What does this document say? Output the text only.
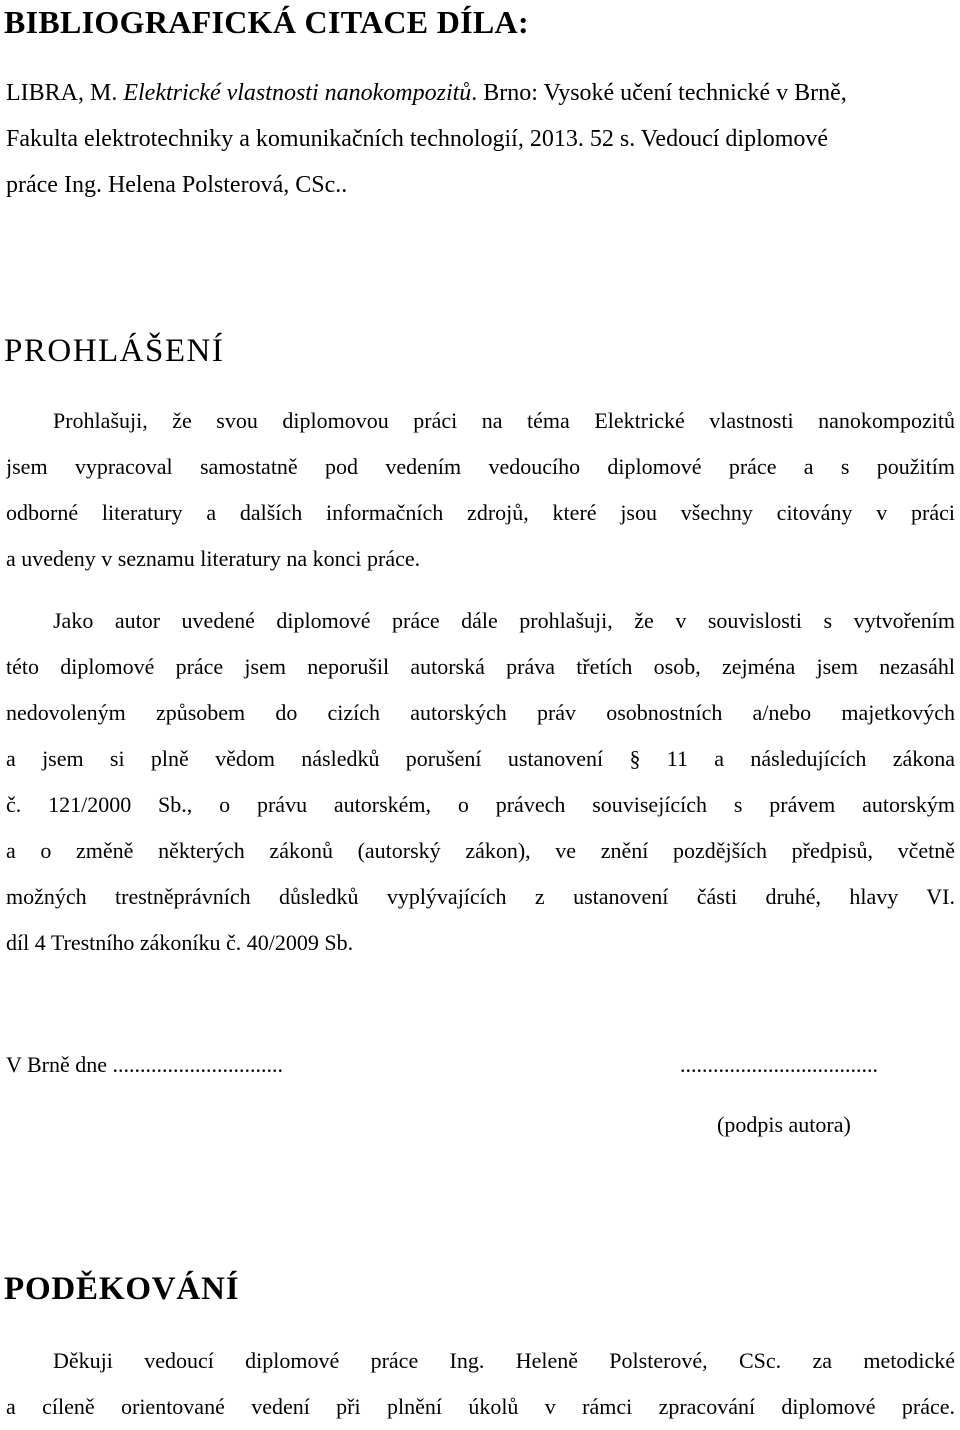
BIBLIOGRAFICKÁ CITACE DÍLA:
LIBRA, M. Elektrické vlastnosti nanokompozitů. Brno: Vysoké učení technické v Brně,
Fakulta elektrotechniky a komunikačních technologií, 2013. 52 s. Vedoucí diplomové
práce Ing. Helena Polsterová, CSc..
PROHLÁŠENÍ
Prohlašuji, že svou diplomovou práci na téma Elektrické vlastnosti nanokompozitů
jsem vypracoval samostatně pod vedením vedoucího diplomové práce a s použitím
odborné literatury a dalších informačních zdrojů, které jsou všechny citovány v práci
a uvedeny v seznamu literatury na konci práce.
Jako autor uvedené diplomové práce dále prohlašuji, že v souvislosti s vytvořením
této diplomové práce jsem neporušil autorská práva třetích osob, zejména jsem nezasáhl
nedovoleným způsobem do cizích autorských práv osobnostních a/nebo majetkových
a jsem si plně vědom následků porušení ustanovení § 11 a následujících zákona
č. 121/2000 Sb., o právu autorském, o právech souvisejících s právem autorským
a o změně některých zákonů (autorský zákon), ve znění pozdějších předpisů, včetně
možných trestněprávních důsledků vyplývajících z ustanovení části druhé, hlavy VI.
díl 4 Trestního zákoníku č. 40/2009 Sb.
V Brně dne ...............................	....................................
(podpis autora)
PODĚKOVÁNÍ
Děkuji vedoucí diplomové práce Ing. Heleně Polsterové, CSc. za metodické
a cíleně orientované vedení při plnění úkolů v rámci zpracování diplomové práce.
